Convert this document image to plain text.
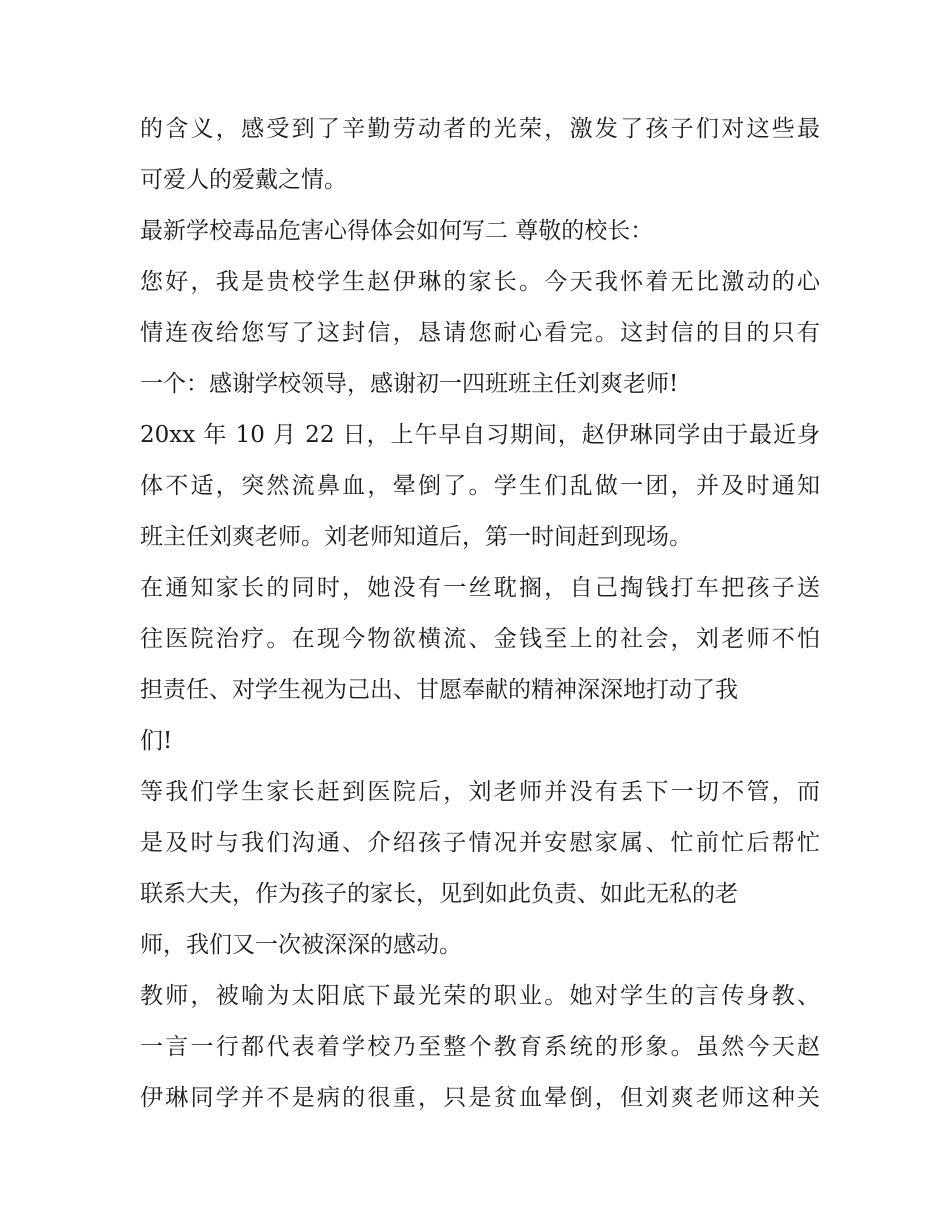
的含义，感受到了辛勤劳动者的光荣，激发了孩子们对这些最
可爱人的爱戴之情。
最新学校毒品危害心得体会如何写二 尊敬的校长：
您好，我是贵校学生赵伊琳的家长。今天我怀着无比激动的心
情连夜给您写了这封信，恳请您耐心看完。这封信的目的只有
一个：感谢学校领导，感谢初一四班班主任刘爽老师!
20xx 年 10 月 22 日，上午早自习期间，赵伊琳同学由于最近身
体不适，突然流鼻血，晕倒了。学生们乱做一团，并及时通知
班主任刘爽老师。刘老师知道后，第一时间赶到现场。
在通知家长的同时，她没有一丝耽搁，自己掏钱打车把孩子送
往医院治疗。在现今物欲横流、金钱至上的社会，刘老师不怕
担责任、对学生视为己出、甘愿奉献的精神深深地打动了我
们!
等我们学生家长赶到医院后，刘老师并没有丢下一切不管，而
是及时与我们沟通、介绍孩子情况并安慰家属、忙前忙后帮忙
联系大夫，作为孩子的家长，见到如此负责、如此无私的老
师，我们又一次被深深的感动。
教师，被喻为太阳底下最光荣的职业。她对学生的言传身教、
一言一行都代表着学校乃至整个教育系统的形象。虽然今天赵
伊琳同学并不是病的很重，只是贫血晕倒，但刘爽老师这种关
